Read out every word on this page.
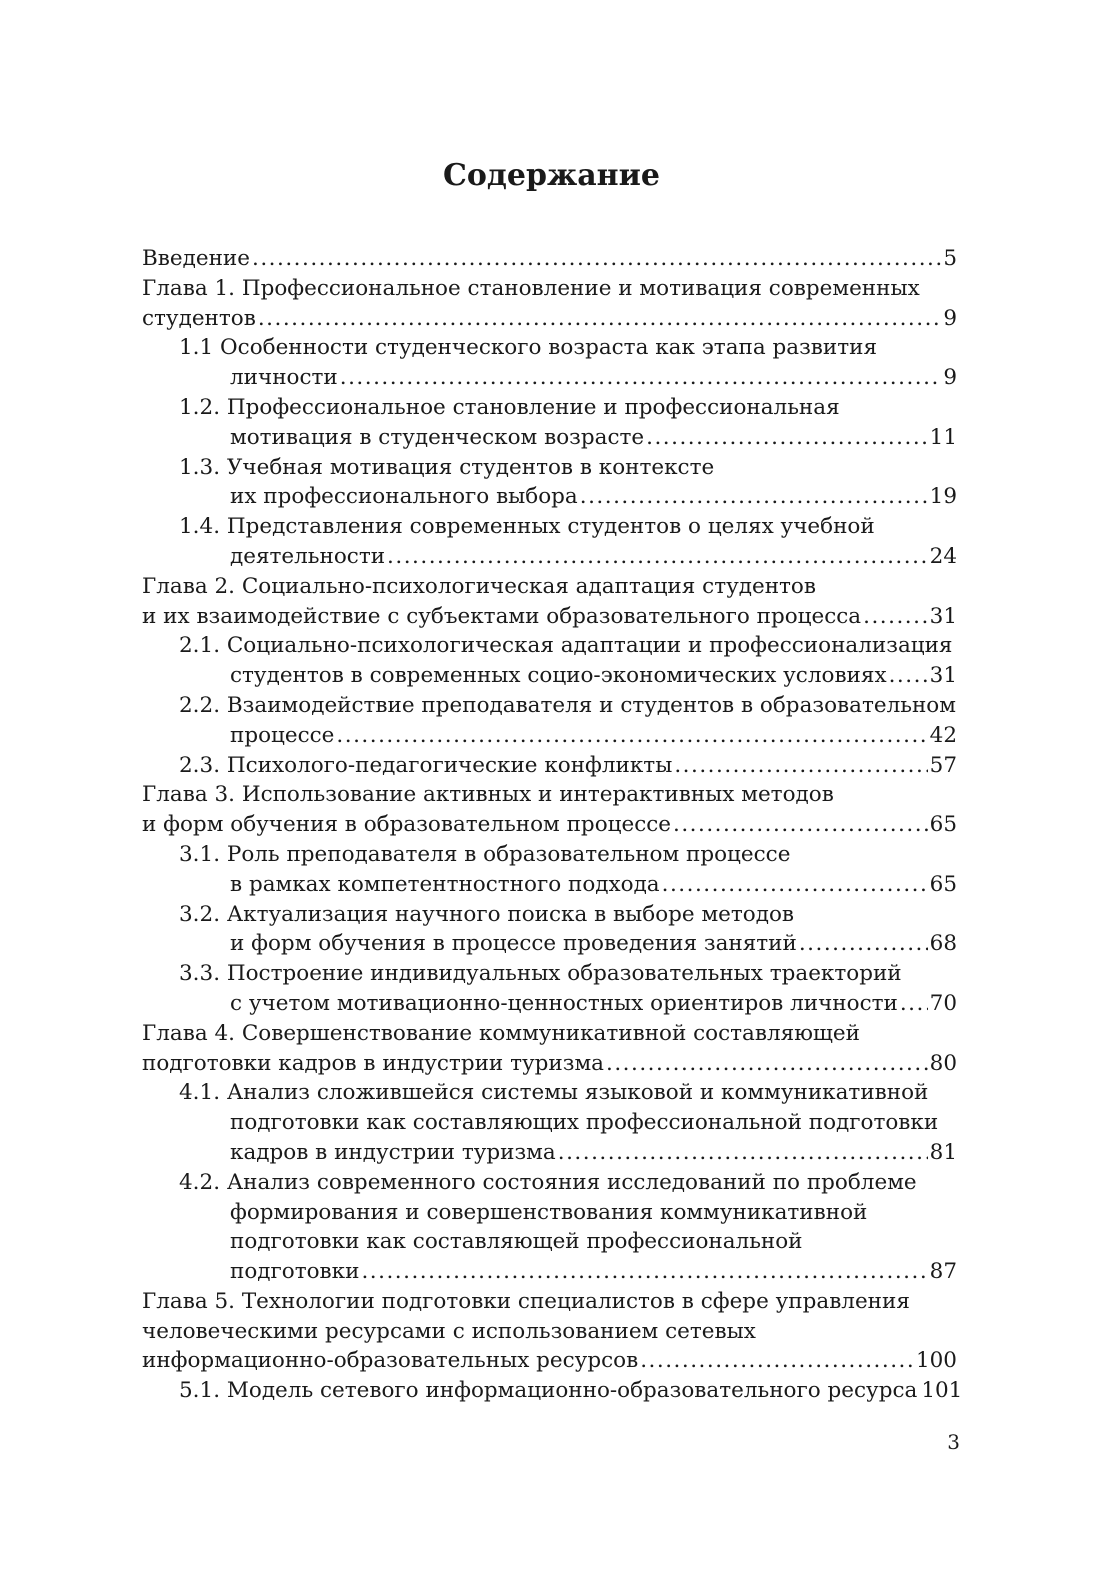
Содержание
Введение .....	5
Глава 1. Профессиональное становление и мотивация современных
студентов .....	9
1.1 Особенности студенческого возраста как этапа развития
личности .....	9
1.2. Профессиональное становление и профессиональная
мотивация в студенческом возрасте .....	11
1.3. Учебная мотивация студентов в контексте
их профессионального выбора .....	19
1.4. Представления современных студентов о целях учебной
деятельности .....	24
Глава 2. Социально-психологическая адаптация студентов
и их взаимодействие с субъектами образовательного процесса .....	31
2.1. Социально-психологическая адаптации и профессионализация
студентов в современных социо-экономических условиях ..... 31
2.2. Взаимодействие преподавателя и студентов в образовательном
процессе .....	42
2.3. Психолого-педагогические конфликты .....	57
Глава 3. Использование активных и интерактивных методов
и форм обучения в образовательном процессе .....	65
3.1. Роль преподавателя в образовательном процессе
в рамках компетентностного подхода .....	65
3.2. Актуализация научного поиска в выборе методов
и форм обучения в процессе проведения занятий .....	68
3.3. Построение индивидуальных образовательных траекторий
с учетом мотивационно-ценностных ориентиров личности ..... 70
Глава 4. Совершенствование коммуникативной составляющей
подготовки кадров в индустрии туризма .....	80
4.1. Анализ сложившейся системы языковой и коммуникативной
подготовки как составляющих профессиональной подготовки
кадров в индустрии туризма .....	81
4.2. Анализ современного состояния исследований по проблеме
формирования и совершенствования коммуникативной
подготовки как составляющей профессиональной
подготовки .....	87
Глава 5. Технологии подготовки специалистов в сфере управления
человеческими ресурсами с использованием сетевых
информационно-образовательных ресурсов .....	100
5.1. Модель сетевого информационно-образовательного ресурса 101
3
